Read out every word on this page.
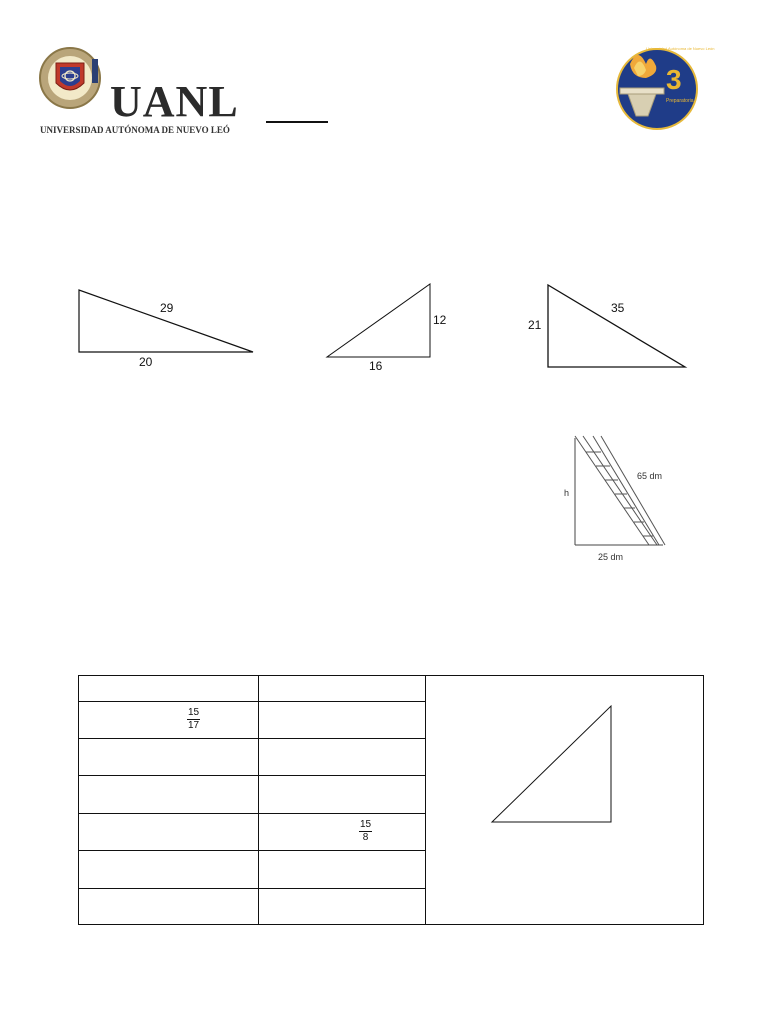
UANL
UNIVERSIDAD AUTÓNOMA DE NUEVO LEÓ
3
Preparatoria
Universidad Autónoma de Nuevo León
29
20
12
16
21
35
65 dm
h
25 dm

15
17		

	15
8	
